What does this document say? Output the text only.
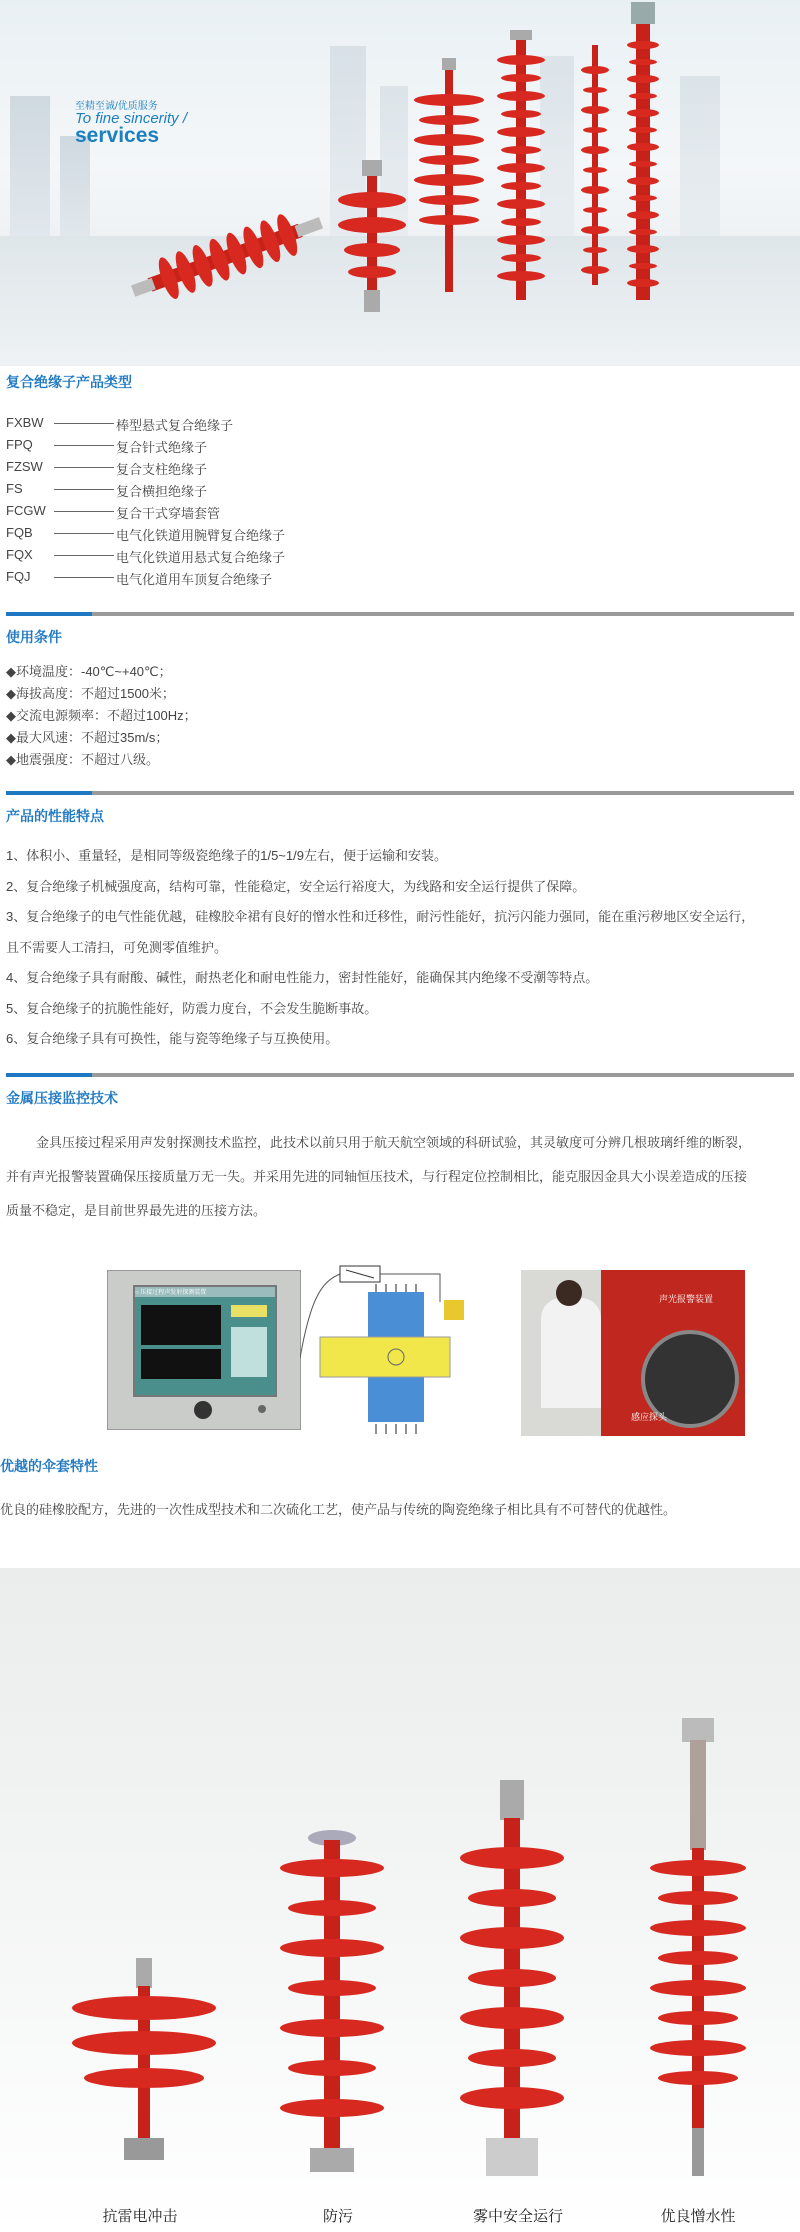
至精至诚/优质服务
To fine sincerity /
services
复合绝缘子产品类型
FXBW	棒型悬式复合绝缘子
FPQ	复合针式绝缘子
FZSW	复合支柱绝缘子
FS	复合横担绝缘子
FCGW	复合干式穿墙套管
FQB	电气化铁道用腕臂复合绝缘子
FQX	电气化铁道用悬式复合绝缘子
FQJ	电气化道用车顶复合绝缘子
使用条件
◆环境温度：-40℃~+40℃；
◆海拔高度：不超过1500米；
◆交流电源频率：不超过100Hz；
◆最大风速：不超过35m/s；
◆地震强度：不超过八级。
产品的性能特点
1、体积小、重量轻，是相同等级瓷绝缘子的1/5~1/9左右，便于运输和安装。
2、复合绝缘子机械强度高，结构可靠，性能稳定，安全运行裕度大，为线路和安全运行提供了保障。
3、复合绝缘子的电气性能优越，硅橡胶伞裙有良好的憎水性和迁移性，耐污性能好，抗污闪能力强同，能在重污秽地区安全运行，
且不需要人工清扫，可免测零值维护。
4、复合绝缘子具有耐酸、碱性，耐热老化和耐电性能力，密封性能好，能确保其内绝缘不受潮等特点。
5、复合绝缘子的抗脆性能好，防震力度台，不会发生脆断事故。
6、复合绝缘子具有可换性，能与瓷等绝缘子与互换使用。
金属压接监控技术
金具压接过程采用声发射探测技术监控，此技术以前只用于航天航空领域的科研试验，其灵敏度可分辨几根玻璃纤维的断裂，
并有声光报警装置确保压接质量万无一失。并采用先进的同轴恒压技术，与行程定位控制相比，能克服因金具大小误差造成的压接
质量不稳定，是目前世界最先进的压接方法。
○ 压接过程声发射探测装置
声光报警装置
感应探头
优越的伞套特性
优良的硅橡胶配方，先进的一次性成型技术和二次硫化工艺，使产品与传统的陶瓷绝缘子相比具有不可替代的优越性。
抗雷电冲击	防污	雾中安全运行	优良憎水性
